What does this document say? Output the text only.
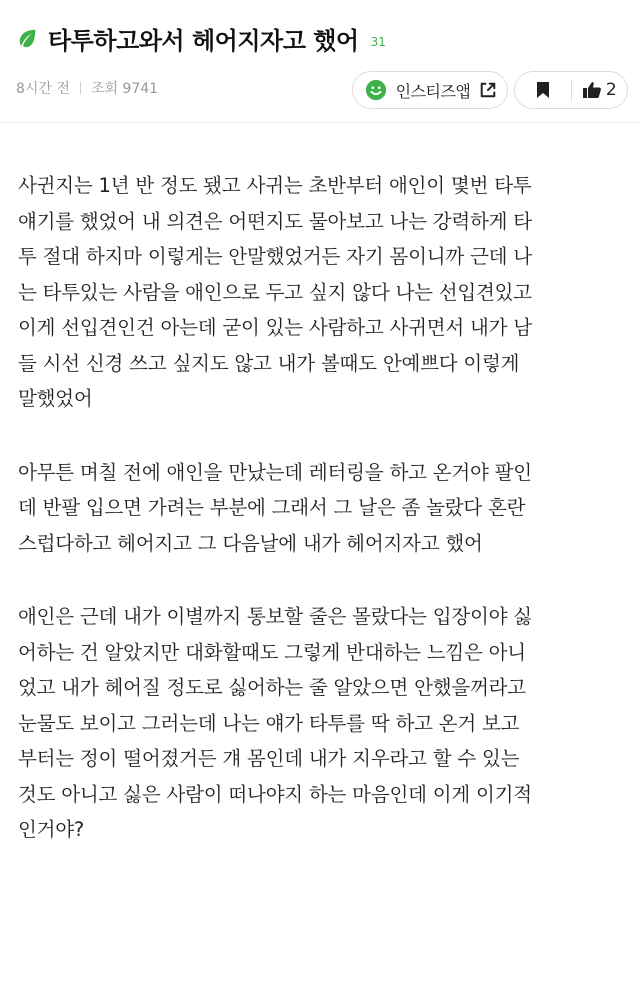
타투하고와서 헤어지자고 했어 31
8시간 전 조회 9741	인스티즈앱	2

사귄지는 1년 반 정도 됐고 사귀는 초반부터 애인이 몇번 타투
얘기를 했었어 내 의견은 어떤지도 물아보고 나는 강력하게 타
투 절대 하지마 이렇게는 안말했었거든 자기 몸이니까 근데 나
는 타투있는 사람을 애인으로 두고 싶지 않다 나는 선입견있고
이게 선입견인건 아는데 굳이 있는 사람하고 사귀면서 내가 남
들 시선 신경 쓰고 싶지도 않고 내가 볼때도 안예쁘다 이렇게
말했었어

아무튼 며칠 전에 애인을 만났는데 레터링을 하고 온거야 팔인
데 반팔 입으면 가려는 부분에 그래서 그 날은 좀 놀랐다 혼란
스럽다하고 헤어지고 그 다음날에 내가 헤어지자고 했어

애인은 근데 내가 이별까지 통보할 줄은 몰랐다는 입장이야 싫
어하는 건 알았지만 대화할때도 그렇게 반대하는 느낌은 아니
었고 내가 헤어질 정도로 싫어하는 줄 알았으면 안했을꺼라고
눈물도 보이고 그러는데 나는 얘가 타투를 딱 하고 온거 보고
부터는 정이 떨어졌거든 걔 몸인데 내가 지우라고 할 수 있는
것도 아니고 싫은 사람이 떠나야지 하는 마음인데 이게 이기적
인거야?
